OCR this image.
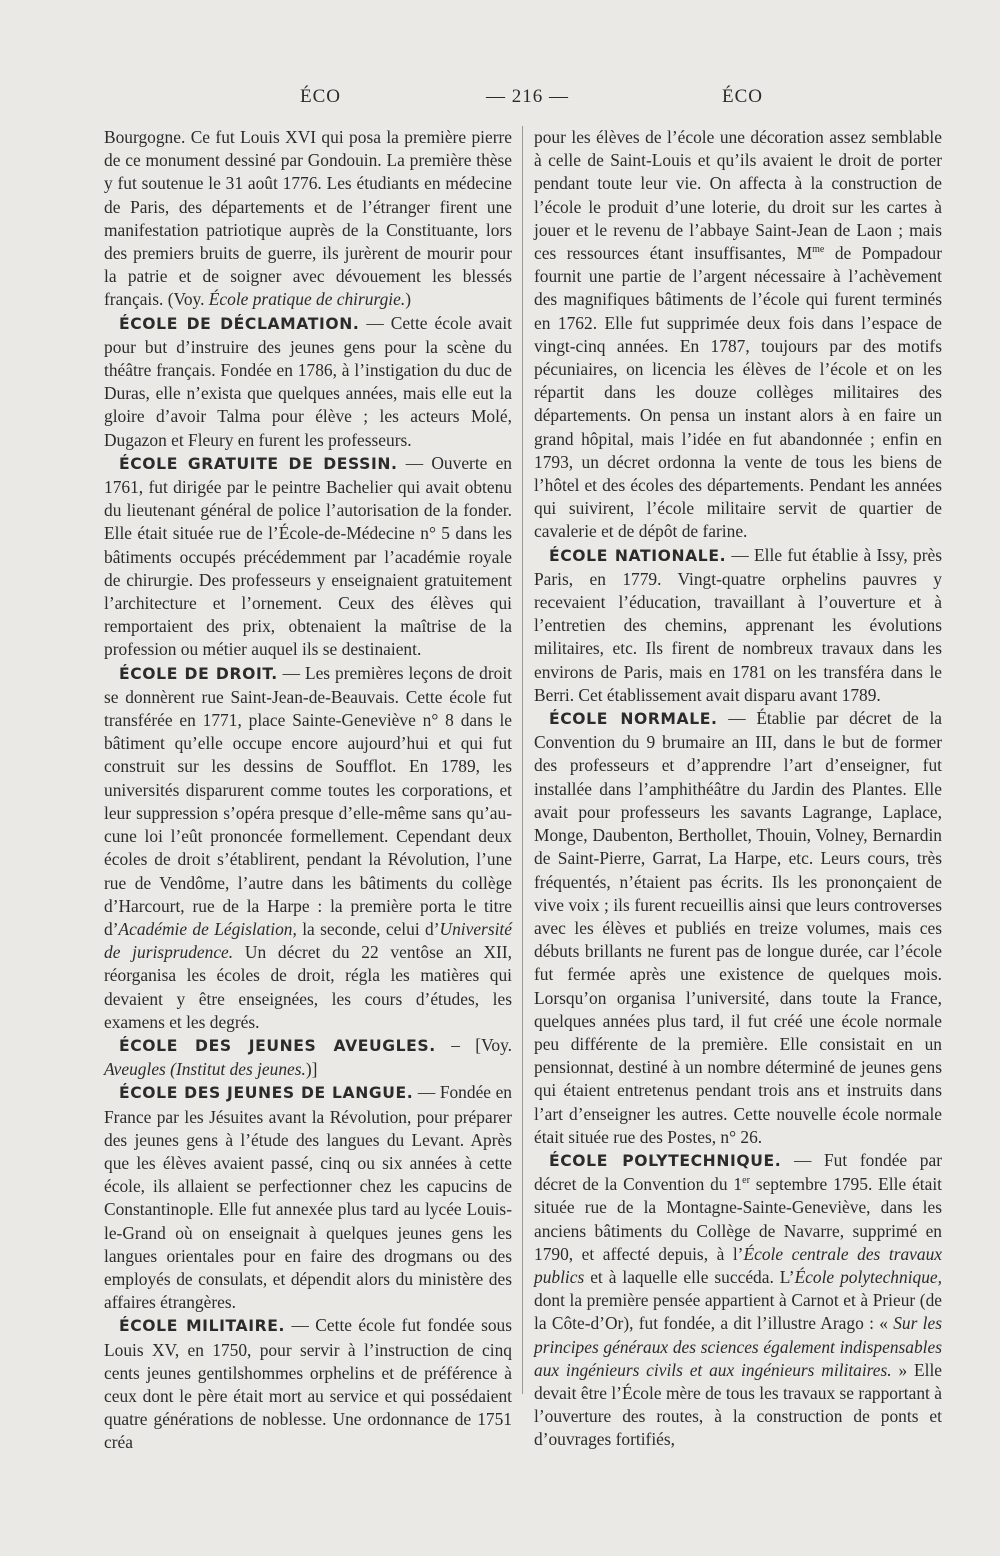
ÉCO	— 216 —	ÉCO

Bourgogne. Ce fut Louis XVI qui posa la première pierre de ce monument dessiné par Gondouin. La première thèse y fut soutenue le 31 août 1776. Les étudiants en médecine de Paris, des départements et de l’étranger firent une manifestation patriotique auprès de la Constituante, lors des premiers bruits de guerre, ils jurèrent de mourir pour la patrie et de soigner avec dévouement les blessés français. (Voy. École pratique de chirurgie.)

ÉCOLE DE DÉCLAMATION. — Cette école avait pour but d’instruire des jeunes gens pour la scène du théâtre français. Fondée en 1786, à l’instigation du duc de Duras, elle n’exista que quelques années, mais elle eut la gloire d’avoir Talma pour élève ; les acteurs Molé, Dugazon et Fleury en furent les professeurs.

ÉCOLE GRATUITE DE DESSIN. — Ouverte en 1761, fut dirigée par le peintre Bachelier qui avait obtenu du lieutenant général de police l’autorisation de la fonder. Elle était située rue de l’École-de-Médecine n° 5 dans les bâtiments occupés précédemment par l’académie royale de chirurgie. Des professeurs y enseignaient gratuitement l’architecture et l’ornement. Ceux des élèves qui remportaient des prix, obtenaient la maîtrise de la profession ou métier auquel ils se destinaient.

ÉCOLE DE DROIT. — Les premières leçons de droit se donnèrent rue Saint-Jean-de-Beauvais. Cette école fut transférée en 1771, place Sainte-Geneviève n° 8 dans le bâtiment qu’elle occupe encore aujourd’hui et qui fut construit sur les dessins de Soufflot. En 1789, les universités disparurent comme toutes les corporations, et leur suppression s’opéra presque d’elle-même sans qu’aucune loi l’eût prononcée formellement. Cependant deux écoles de droit s’établirent, pendant la Révolution, l’une rue de Vendôme, l’autre dans les bâtiments du collège d’Harcourt, rue de la Harpe : la première porta le titre d’Académie de Législation, la seconde, celui d’Université de jurisprudence. Un décret du 22 ventôse an XII, réorganisa les écoles de droit, régla les matières qui devaient y être enseignées, les cours d’études, les examens et les degrés.

ÉCOLE DES JEUNES AVEUGLES. – [Voy. Aveugles (Institut des jeunes.)]

ÉCOLE DES JEUNES DE LANGUE. — Fondée en France par les Jésuites avant la Révolution, pour préparer des jeunes gens à l’étude des langues du Levant. Après que les élèves avaient passé, cinq ou six années à cette école, ils allaient se perfectionner chez les capucins de Constantinople. Elle fut annexée plus tard au lycée Louis-le-Grand où on enseignait à quelques jeunes gens les langues orientales pour en faire des drogmans ou des employés de consulats, et dépendit alors du ministère des affaires étrangères.

ÉCOLE MILITAIRE. — Cette école fut fondée sous Louis XV, en 1750, pour servir à l’instruction de cinq cents jeunes gentilshommes orphelins et de préférence à ceux dont le père était mort au service et qui possédaient quatre générations de noblesse. Une ordonnance de 1751 créa

pour les élèves de l’école une décoration assez semblable à celle de Saint-Louis et qu’ils avaient le droit de porter pendant toute leur vie. On affecta à la construction de l’école le produit d’une loterie, du droit sur les cartes à jouer et le revenu de l’abbaye Saint-Jean de Laon ; mais ces ressources étant insuffisantes, $M^{me}$ de Pompadour fournit une partie de l’argent nécessaire à l’achèvement des magnifiques bâtiments de l’école qui furent terminés en 1762. Elle fut supprimée deux fois dans l’espace de vingt-cinq années. En 1787, toujours par des motifs pécuniaires, on licencia les élèves de l’école et on les répartit dans les douze collèges militaires des départements. On pensa un instant alors à en faire un grand hôpital, mais l’idée en fut abandonnée ; enfin en 1793, un décret ordonna la vente de tous les biens de l’hôtel et des écoles des départements. Pendant les années qui suivirent, l’école militaire servit de quartier de cavalerie et de dépôt de farine.

ÉCOLE NATIONALE. — Elle fut établie à Issy, près Paris, en 1779. Vingt-quatre orphelins pauvres y recevaient l’éducation, travaillant à l’ouverture et à l’entretien des chemins, apprenant les évolutions militaires, etc. Ils firent de nombreux travaux dans les environs de Paris, mais en 1781 on les transféra dans le Berri. Cet établissement avait disparu avant 1789.

ÉCOLE NORMALE. — Établie par décret de la Convention du 9 brumaire an III, dans le but de former des professeurs et d’apprendre l’art d’enseigner, fut installée dans l’amphithéâtre du Jardin des Plantes. Elle avait pour professeurs les savants Lagrange, Laplace, Monge, Daubenton, Berthollet, Thouin, Volney, Bernardin de Saint-Pierre, Garrat, La Harpe, etc. Leurs cours, très fréquentés, n’étaient pas écrits. Ils les prononçaient de vive voix ; ils furent recueillis ainsi que leurs controverses avec les élèves et publiés en treize volumes, mais ces débuts brillants ne furent pas de longue durée, car l’école fut fermée après une existence de quelques mois. Lorsqu’on organisa l’université, dans toute la France, quelques années plus tard, il fut créé une école normale peu différente de la première. Elle consistait en un pensionnat, destiné à un nombre déterminé de jeunes gens qui étaient entretenus pendant trois ans et instruits dans l’art d’enseigner les autres. Cette nouvelle école normale était située rue des Postes, n° 26.

ÉCOLE POLYTECHNIQUE. — Fut fondée par décret de la Convention du 1er septembre 1795. Elle était située rue de la Montagne-Sainte-Geneviève, dans les anciens bâtiments du Collège de Navarre, supprimé en 1790, et affecté depuis, à l’École centrale des travaux publics et à laquelle elle succéda. L’École polytechnique, dont la première pensée appartient à Carnot et à Prieur (de la Côte-d’Or), fut fondée, a dit l’illustre Arago : « Sur les principes généraux des sciences également indispensables aux ingénieurs civils et aux ingénieurs militaires. » Elle devait être l’École mère de tous les travaux se rapportant à l’ouverture des routes, à la construction de ponts et d’ouvrages fortifiés,
